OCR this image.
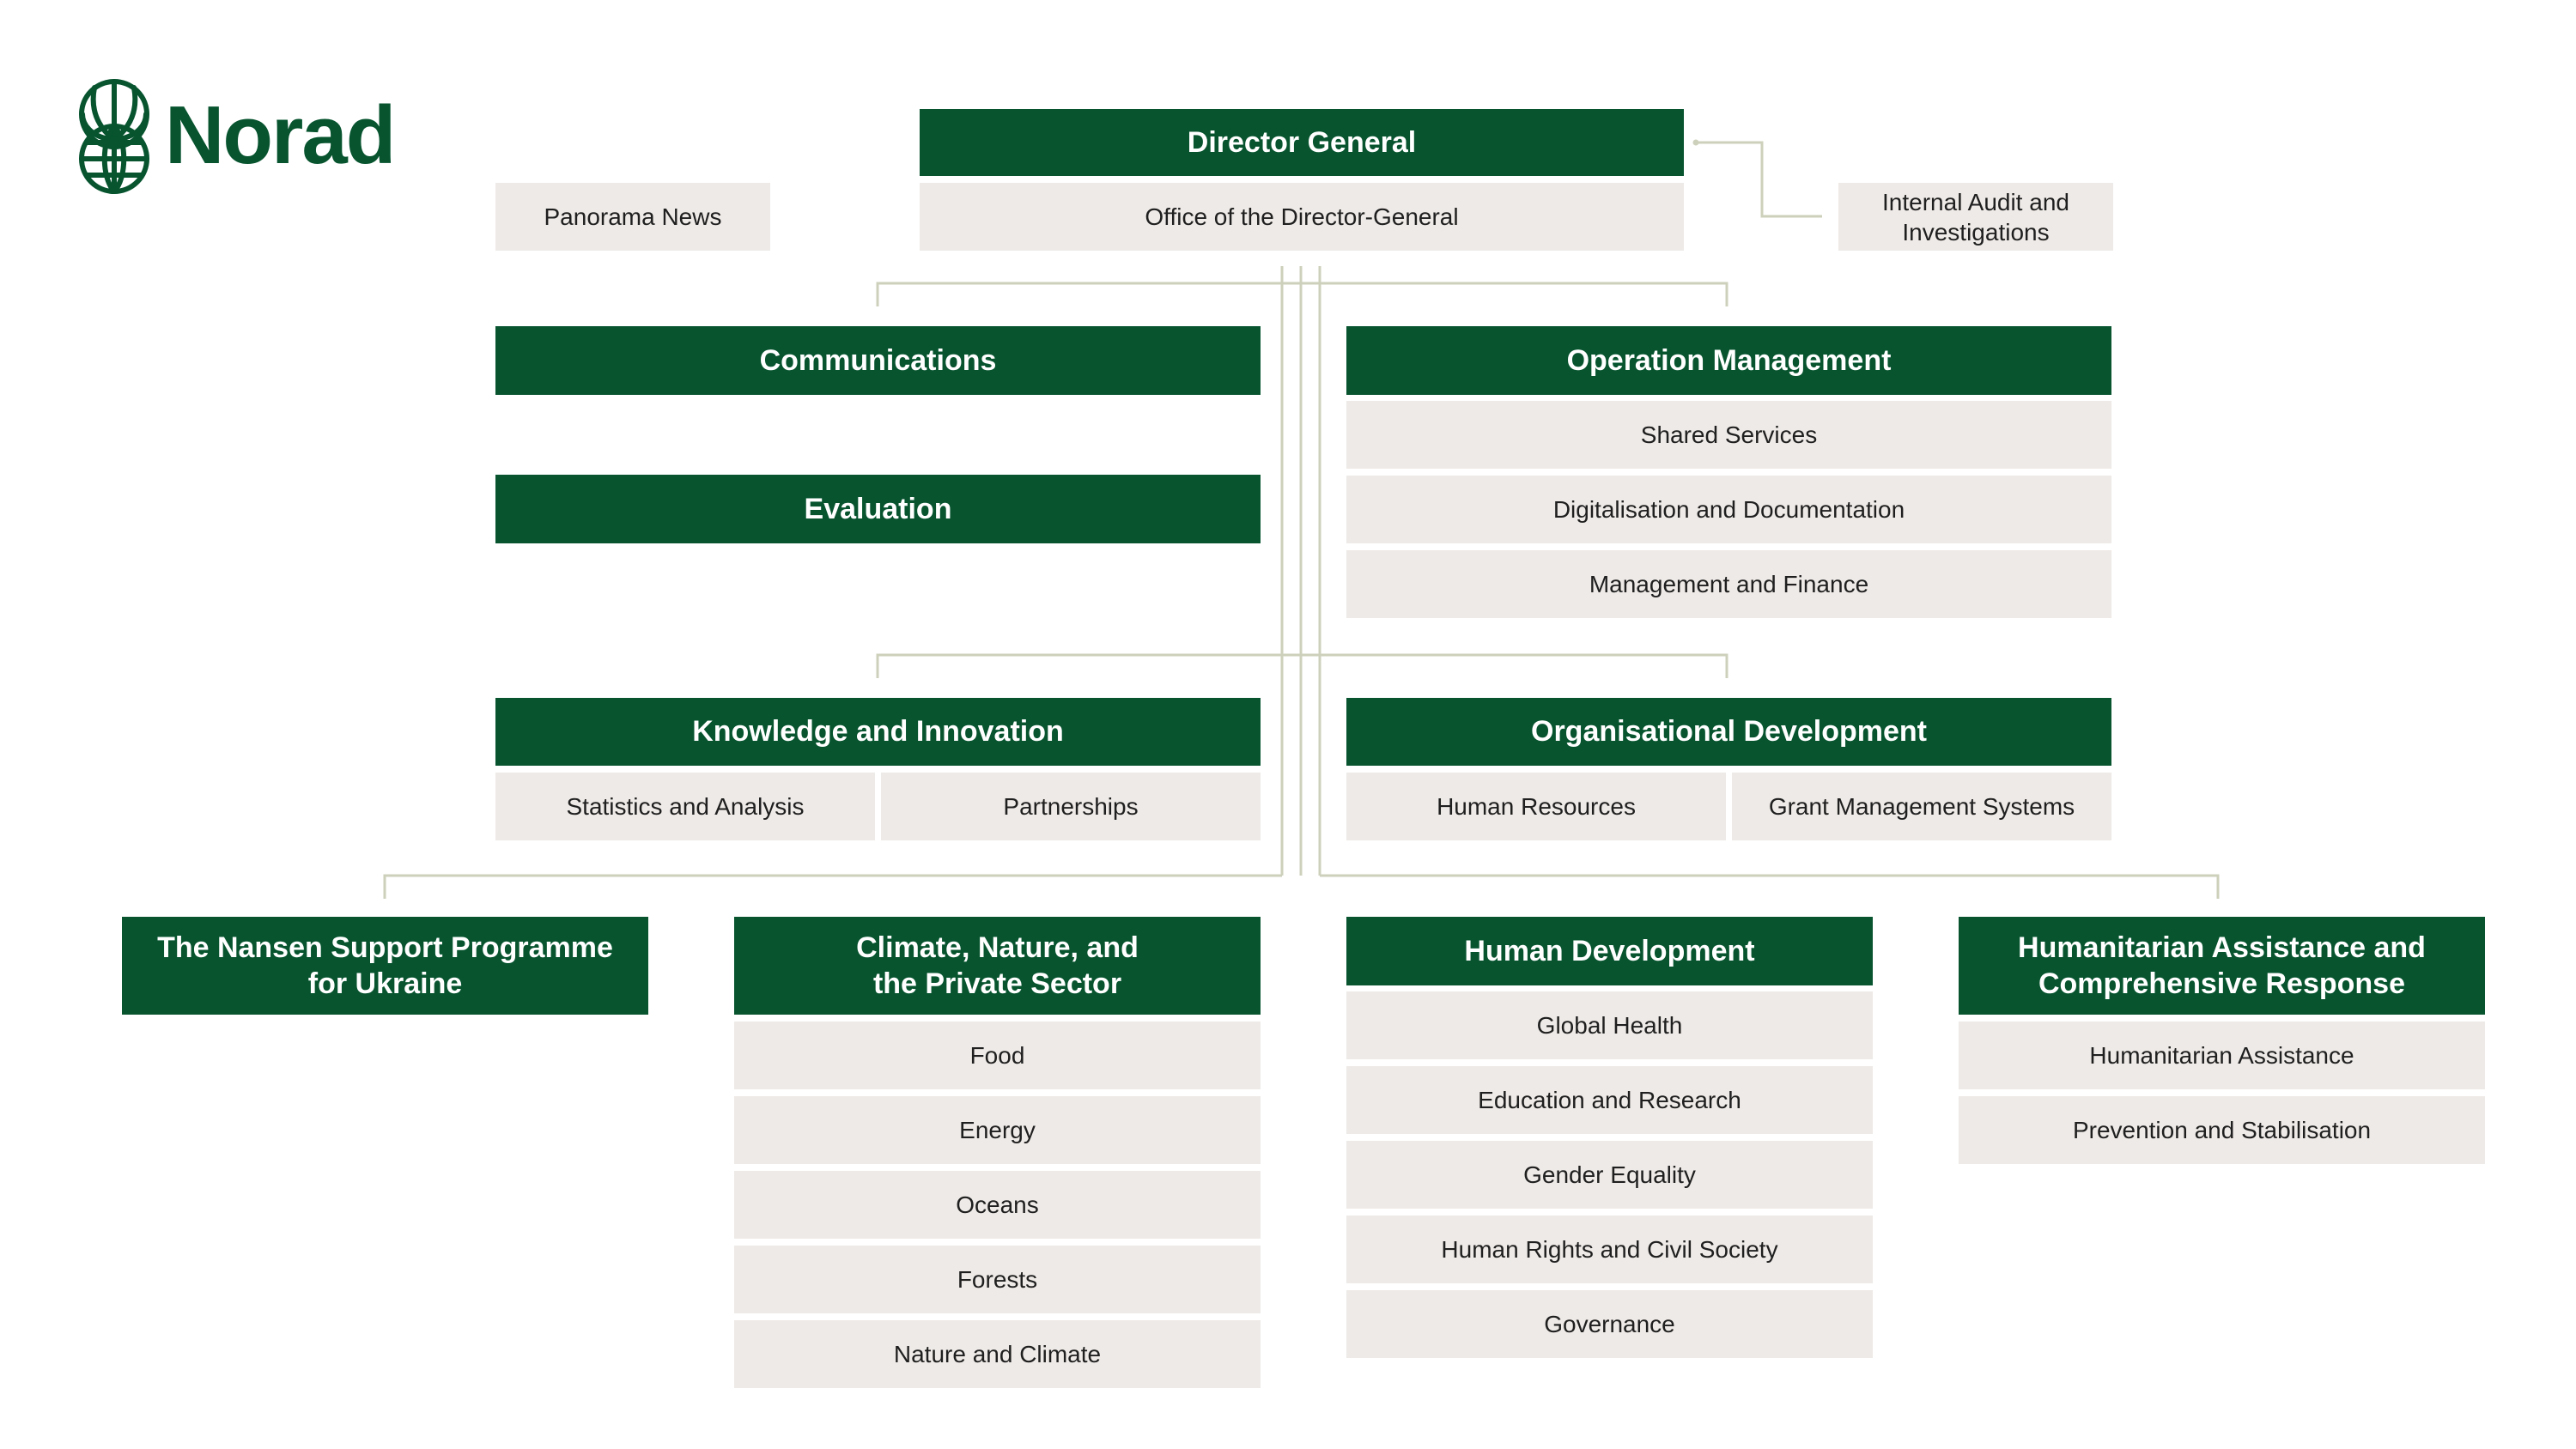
Norad	Director General
Office of the Director-General
Panorama News
Internal Audit and
Investigations
Communications
Evaluation
Operation Management
Shared Services
Digitalisation and Documentation
Management and Finance
Knowledge and Innovation
Statistics and Analysis	Partnerships
Organisational Development
Human Resources	Grant Management Systems
The Nansen Support Programme
for Ukraine
Climate, Nature, and
the Private Sector
Food
Energy
Oceans
Forests
Nature and Climate
Human Development
Global Health
Education and Research
Gender Equality
Human Rights and Civil Society
Governance
Humanitarian Assistance and
Comprehensive Response
Humanitarian Assistance
Prevention and Stabilisation
